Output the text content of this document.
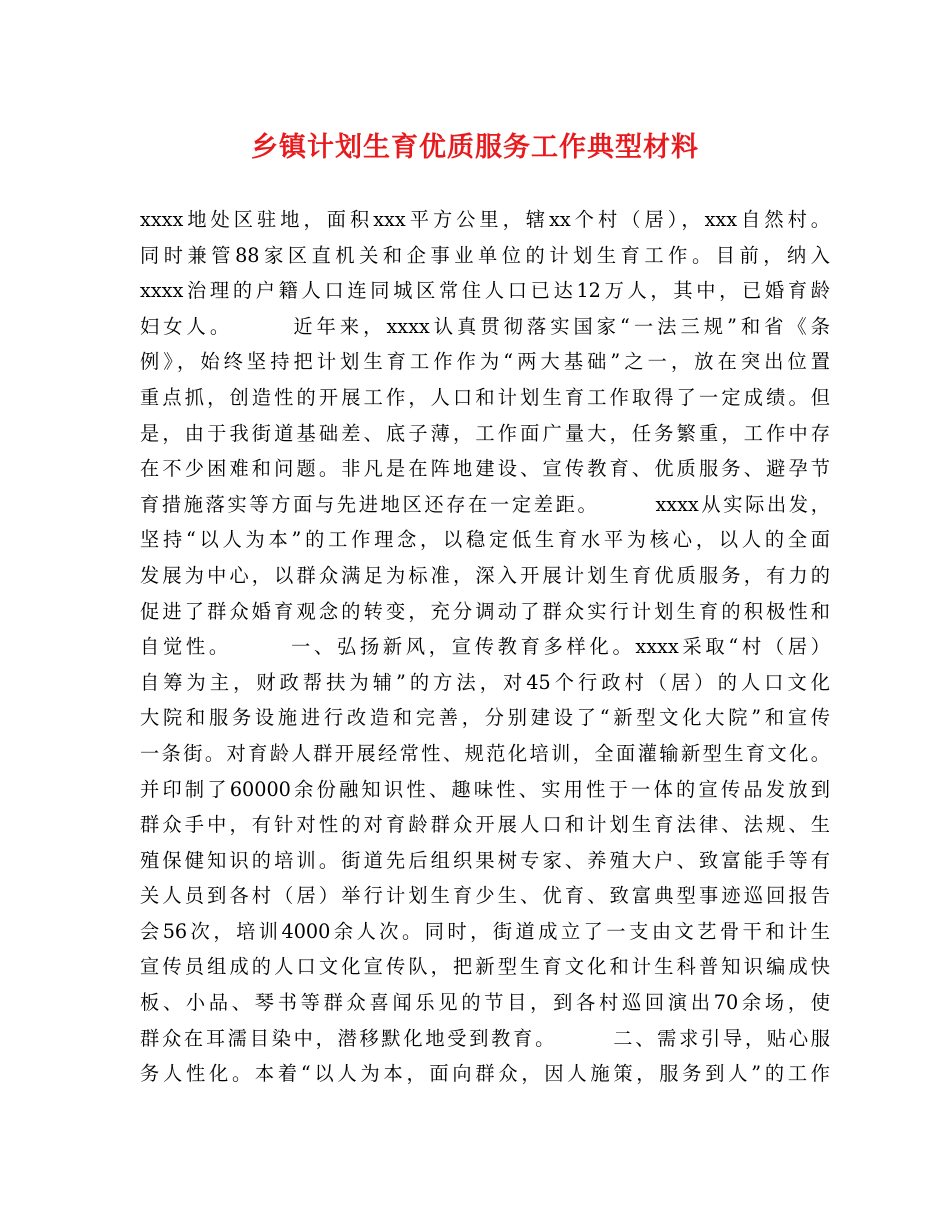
乡镇计划生育优质服务工作典型材料
xxxx地处区驻地，面积xxx平方公里，辖xx个村（居），xxx自然村。
同时兼管88家区直机关和企事业单位的计划生育工作。目前，纳入
xxxx治理的户籍人口连同城区常住人口已达12万人，其中，已婚育龄
妇女人。　　　近年来，xxxx认真贯彻落实国家“一法三规”和省《条
例》，始终坚持把计划生育工作作为“两大基础”之一，放在突出位置
重点抓，创造性的开展工作，人口和计划生育工作取得了一定成绩。但
是，由于我街道基础差、底子薄，工作面广量大，任务繁重，工作中存
在不少困难和问题。非凡是在阵地建设、宣传教育、优质服务、避孕节
育措施落实等方面与先进地区还存在一定差距。　　　xxxx从实际出发，
坚持“以人为本”的工作理念，以稳定低生育水平为核心，以人的全面
发展为中心，以群众满足为标准，深入开展计划生育优质服务，有力的
促进了群众婚育观念的转变，充分调动了群众实行计划生育的积极性和
自觉性。　　　一、弘扬新风，宣传教育多样化。xxxx采取“村（居）
自筹为主，财政帮扶为辅”的方法，对45个行政村（居）的人口文化
大院和服务设施进行改造和完善，分别建设了“新型文化大院”和宣传
一条街。对育龄人群开展经常性、规范化培训，全面灌输新型生育文化。
并印制了60000余份融知识性、趣味性、实用性于一体的宣传品发放到
群众手中，有针对性的对育龄群众开展人口和计划生育法律、法规、生
殖保健知识的培训。街道先后组织果树专家、养殖大户、致富能手等有
关人员到各村（居）举行计划生育少生、优育、致富典型事迹巡回报告
会56次，培训4000余人次。同时，街道成立了一支由文艺骨干和计生
宣传员组成的人口文化宣传队，把新型生育文化和计生科普知识编成快
板、小品、琴书等群众喜闻乐见的节目，到各村巡回演出70余场，使
群众在耳濡目染中，潜移默化地受到教育。　　　二、需求引导，贴心服
务人性化。本着“以人为本，面向群众，因人施策，服务到人”的工作
